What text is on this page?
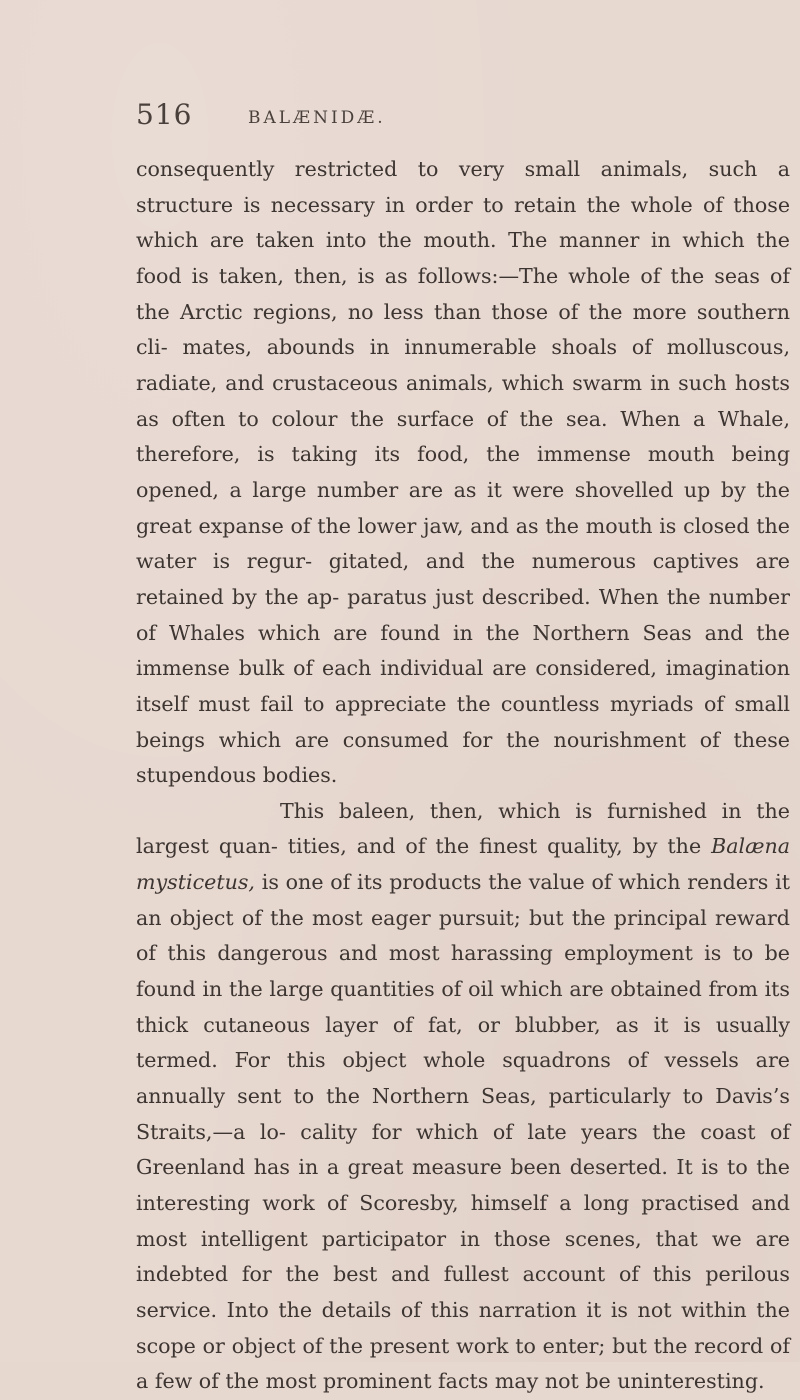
516	BALÆNIDÆ.

consequently restricted to very small animals, such a structure is necessary in order to retain the whole of those which are taken into the mouth. The manner in which the food is taken, then, is as follows:—The whole of the seas of the Arctic regions, no less than those of the more southern cli- mates, abounds in innumerable shoals of molluscous, radiate, and crustaceous animals, which swarm in such hosts as often to colour the surface of the sea. When a Whale, therefore, is taking its food, the immense mouth being opened, a large number are as it were shovelled up by the great expanse of the lower jaw, and as the mouth is closed the water is regur- gitated, and the numerous captives are retained by the ap- paratus just described. When the number of Whales which are found in the Northern Seas and the immense bulk of each individual are considered, imagination itself must fail to appreciate the countless myriads of small beings which are consumed for the nourishment of these stupendous bodies.

This baleen, then, which is furnished in the largest quan- tities, and of the finest quality, by the Balæna mysticetus, is one of its products the value of which renders it an object of the most eager pursuit; but the principal reward of this dangerous and most harassing employment is to be found in the large quantities of oil which are obtained from its thick cutaneous layer of fat, or blubber, as it is usually termed. For this object whole squadrons of vessels are annually sent to the Northern Seas, particularly to Davis’s Straits,—a lo- cality for which of late years the coast of Greenland has in a great measure been deserted. It is to the interesting work of Scoresby, himself a long practised and most intelligent participator in those scenes, that we are indebted for the best and fullest account of this perilous service. Into the details of this narration it is not within the scope or object of the present work to enter; but the record of a few of the most prominent facts may not be uninteresting.
